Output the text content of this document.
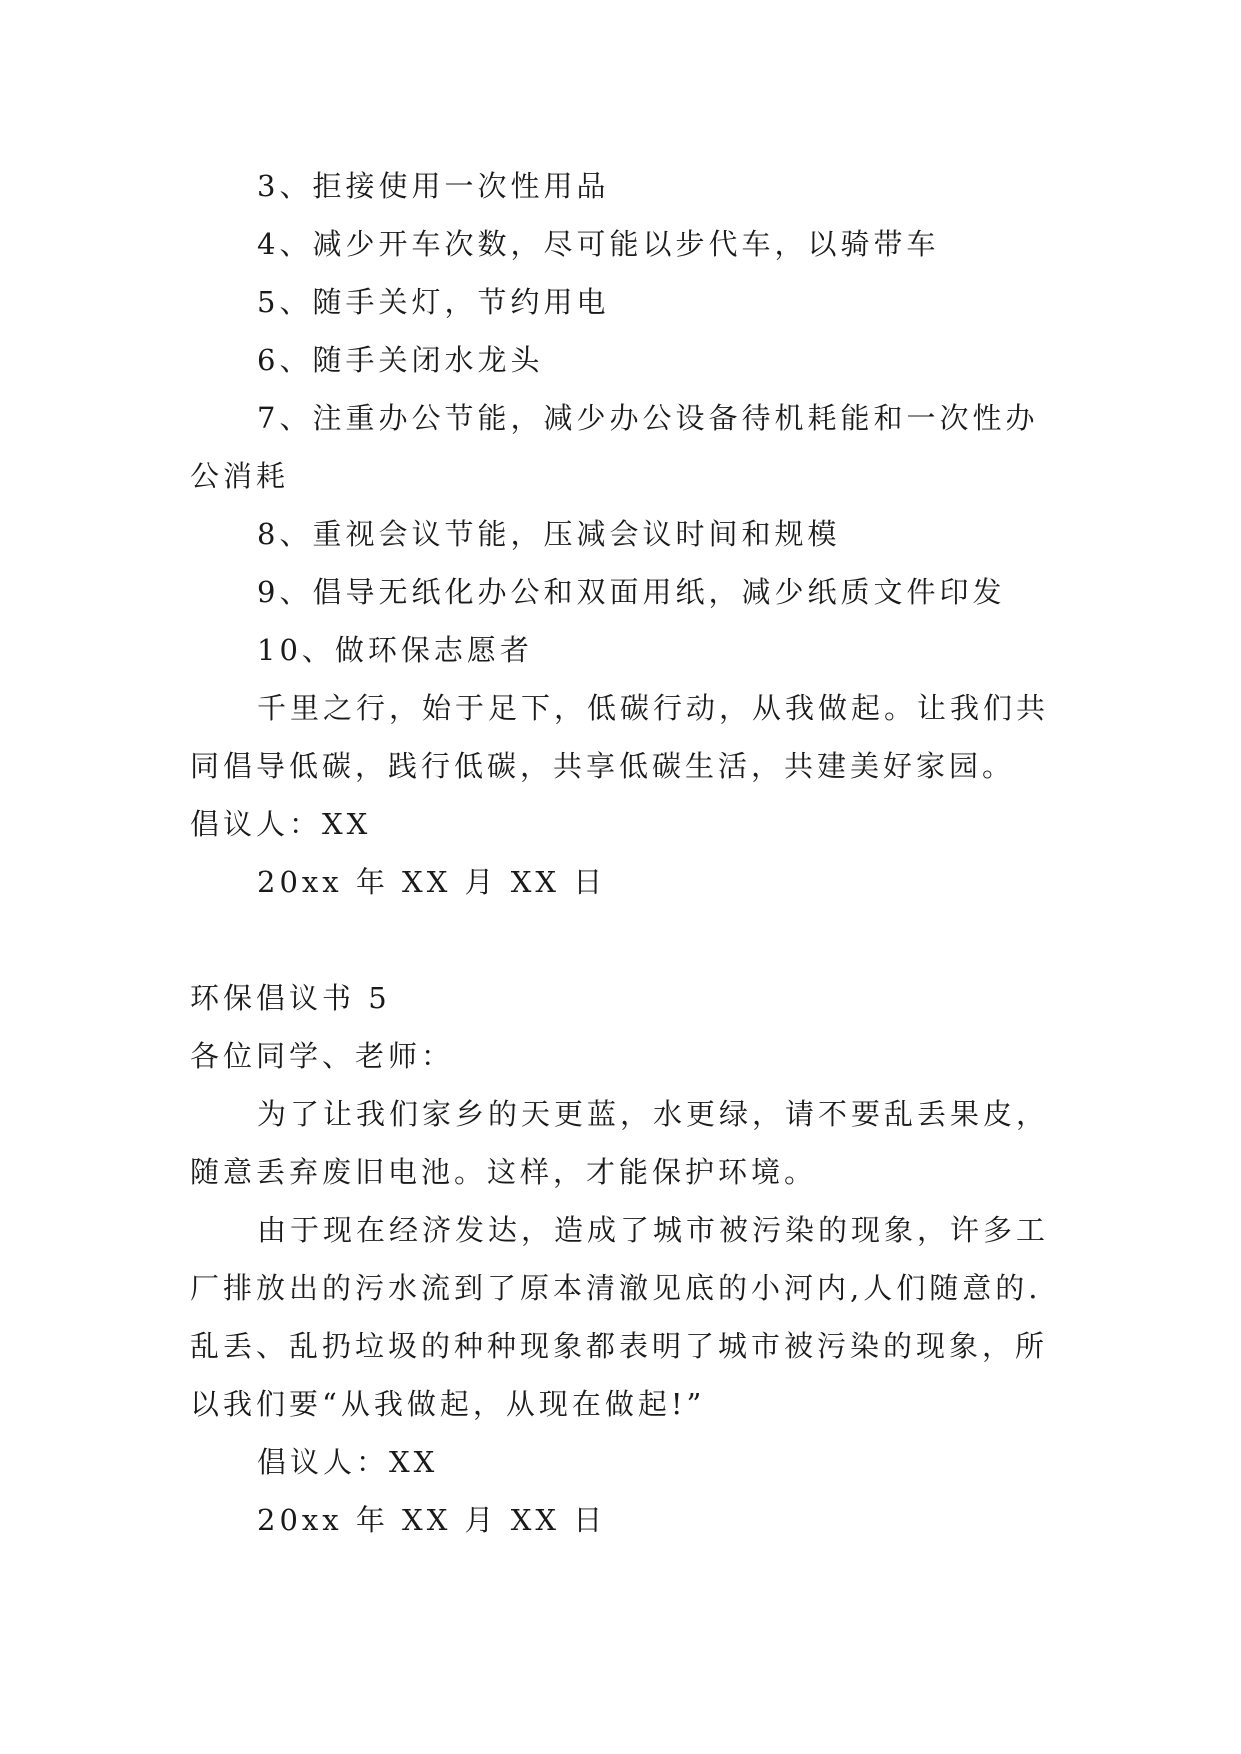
3、拒接使用一次性用品
4、减少开车次数，尽可能以步代车，以骑带车
5、随手关灯，节约用电
6、随手关闭水龙头
7、注重办公节能，减少办公设备待机耗能和一次性办
公消耗
8、重视会议节能，压减会议时间和规模
9、倡导无纸化办公和双面用纸，减少纸质文件印发
10、做环保志愿者
千里之行，始于足下，低碳行动，从我做起。让我们共
同倡导低碳，践行低碳，共享低碳生活，共建美好家园。
倡议人：XX
20xx 年 XX 月 XX 日
环保倡议书 5
各位同学、老师：
为了让我们家乡的天更蓝，水更绿，请不要乱丢果皮，
随意丢弃废旧电池。这样，才能保护环境。
由于现在经济发达，造成了城市被污染的现象，许多工
厂排放出的污水流到了原本清澈见底的小河内,人们随意的.
乱丢、乱扔垃圾的种种现象都表明了城市被污染的现象，所
以我们要“从我做起，从现在做起!”
倡议人：XX
20xx 年 XX 月 XX 日
